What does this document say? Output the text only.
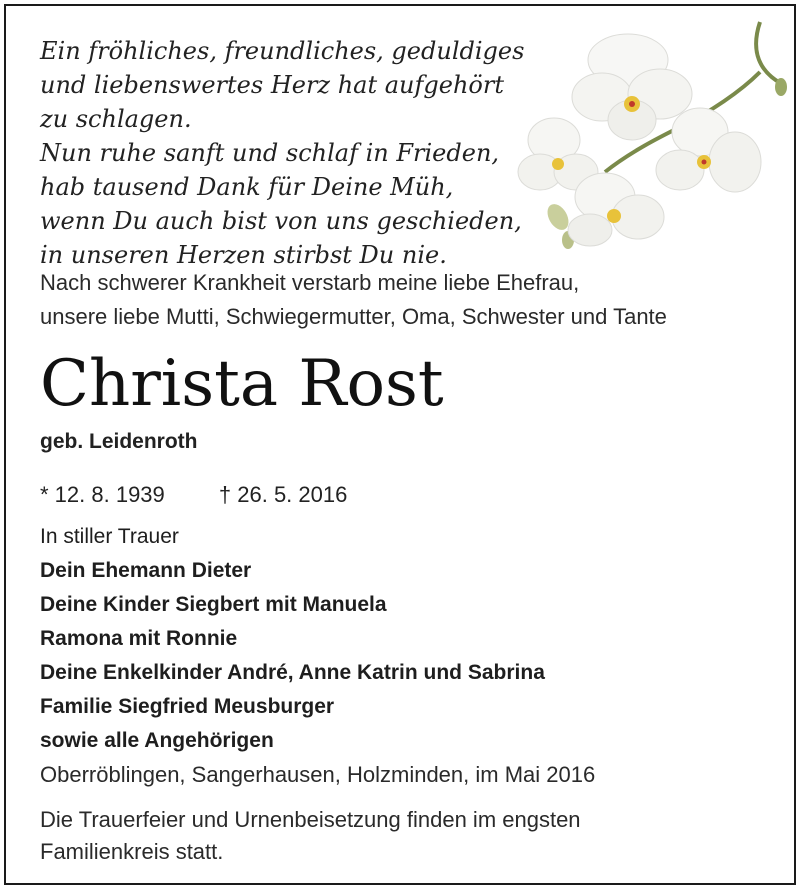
Ein fröhliches, freundliches, geduldiges
und liebenswertes Herz hat aufgehört
zu schlagen.
Nun ruhe sanft und schlaf in Frieden,
hab tausend Dank für Deine Müh,
wenn Du auch bist von uns geschieden,
in unseren Herzen stirbst Du nie.
Nach schwerer Krankheit verstarb meine liebe Ehefrau,
unsere liebe Mutti, Schwiegermutter, Oma, Schwester und Tante
Christa Rost
geb. Leidenroth
* 12. 8. 1939 † 26. 5. 2016
In stiller Trauer
Dein Ehemann Dieter
Deine Kinder Siegbert mit Manuela
Ramona mit Ronnie
Deine Enkelkinder André, Anne Katrin und Sabrina
Familie Siegfried Meusburger
sowie alle Angehörigen
Oberröblingen, Sangerhausen, Holzminden, im Mai 2016
Die Trauerfeier und Urnenbeisetzung finden im engsten
Familienkreis statt.
